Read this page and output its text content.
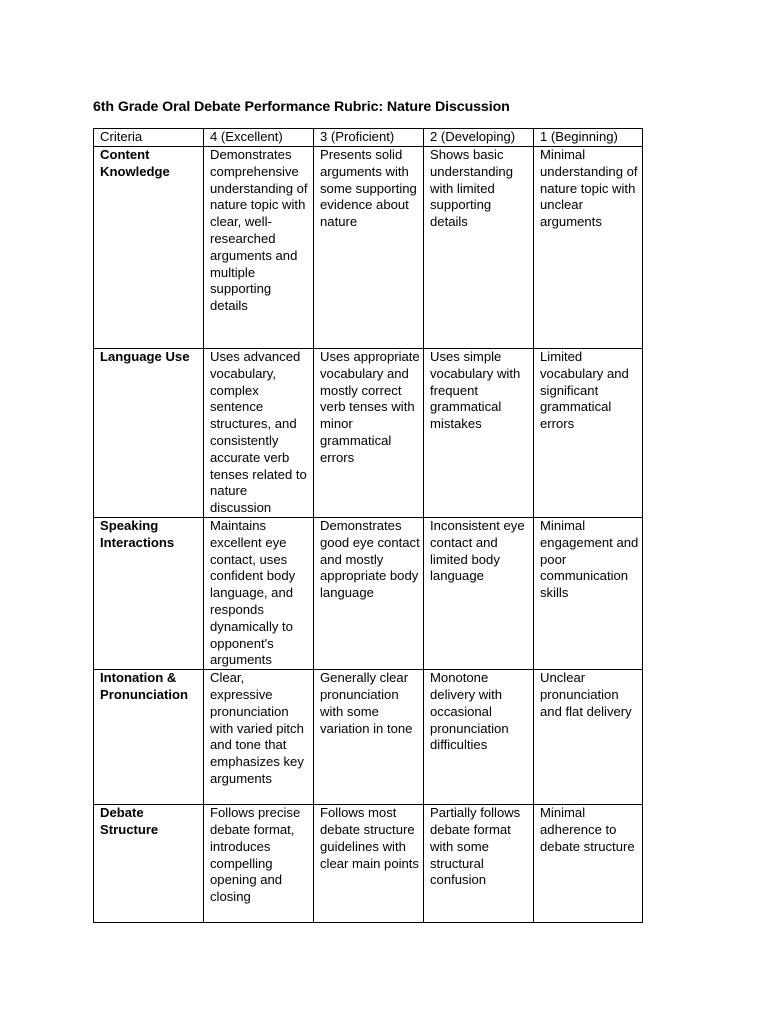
6th Grade Oral Debate Performance Rubric: Nature Discussion
Criteria	4 (Excellent)	3 (Proficient)	2 (Developing)	1 (Beginning)
Content Knowledge	Demonstrates comprehensive understanding of nature topic with clear, well-researched arguments and multiple supporting details	Presents solid arguments with some supporting evidence about nature	Shows basic understanding with limited supporting details	Minimal understanding of nature topic with unclear arguments
Language Use	Uses advanced vocabulary, complex sentence structures, and consistently accurate verb tenses related to nature discussion	Uses appropriate vocabulary and mostly correct verb tenses with minor grammatical errors	Uses simple vocabulary with frequent grammatical mistakes	Limited vocabulary and significant grammatical errors
Speaking Interactions	Maintains excellent eye contact, uses confident body language, and responds dynamically to opponent's arguments	Demonstrates good eye contact and mostly appropriate body language	Inconsistent eye contact and limited body language	Minimal engagement and poor communication skills
Intonation & Pronunciation	Clear, expressive pronunciation with varied pitch and tone that emphasizes key arguments	Generally clear pronunciation with some variation in tone	Monotone delivery with occasional pronunciation difficulties	Unclear pronunciation and flat delivery
Debate Structure	Follows precise debate format, introduces compelling opening and closing	Follows most debate structure guidelines with clear main points	Partially follows debate format with some structural confusion	Minimal adherence to debate structure
